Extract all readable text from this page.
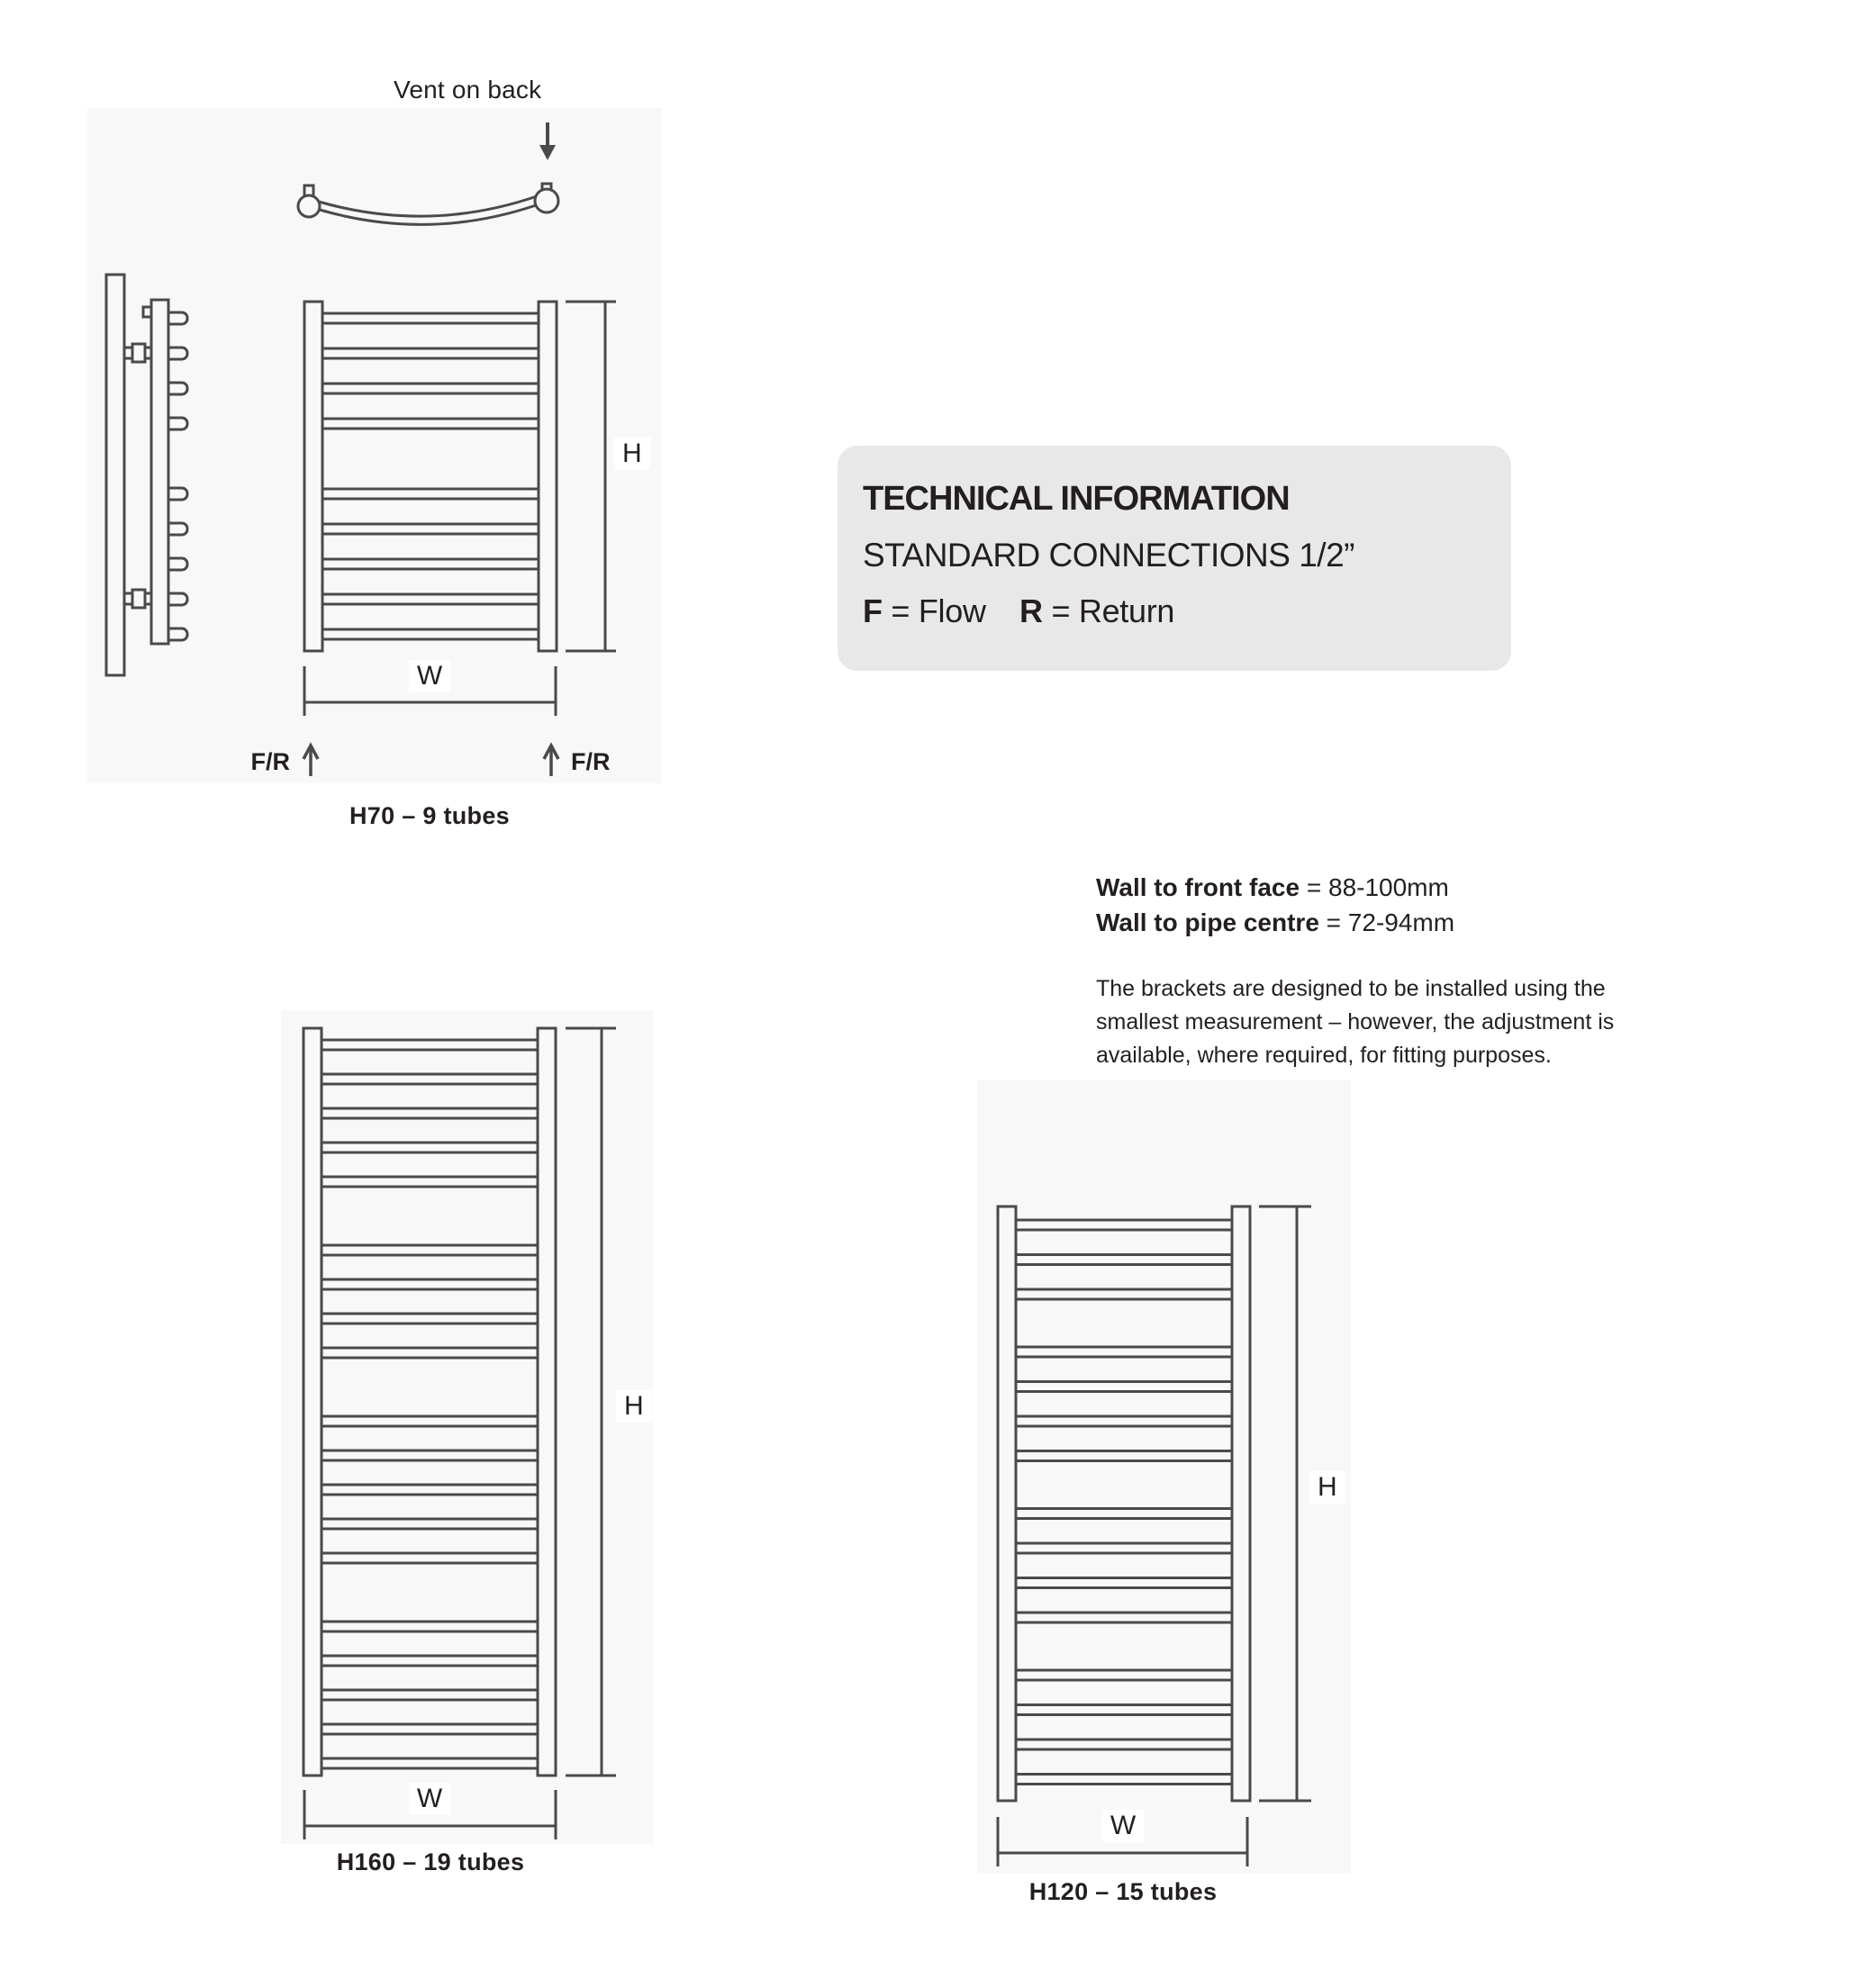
Vent on back
H
W
F/R	F/R
H70 – 9 tubes
H
W
H160 – 19 tubes
H
W
H120 – 15 tubes
TECHNICAL INFORMATION
STANDARD CONNECTIONS 1/2”
F = Flow R = Return
Wall to front face = 88-100mm
Wall to pipe centre = 72-94mm
The brackets are designed to be installed using the smallest measurement – however, the adjustment is available, where required, for fitting purposes.
